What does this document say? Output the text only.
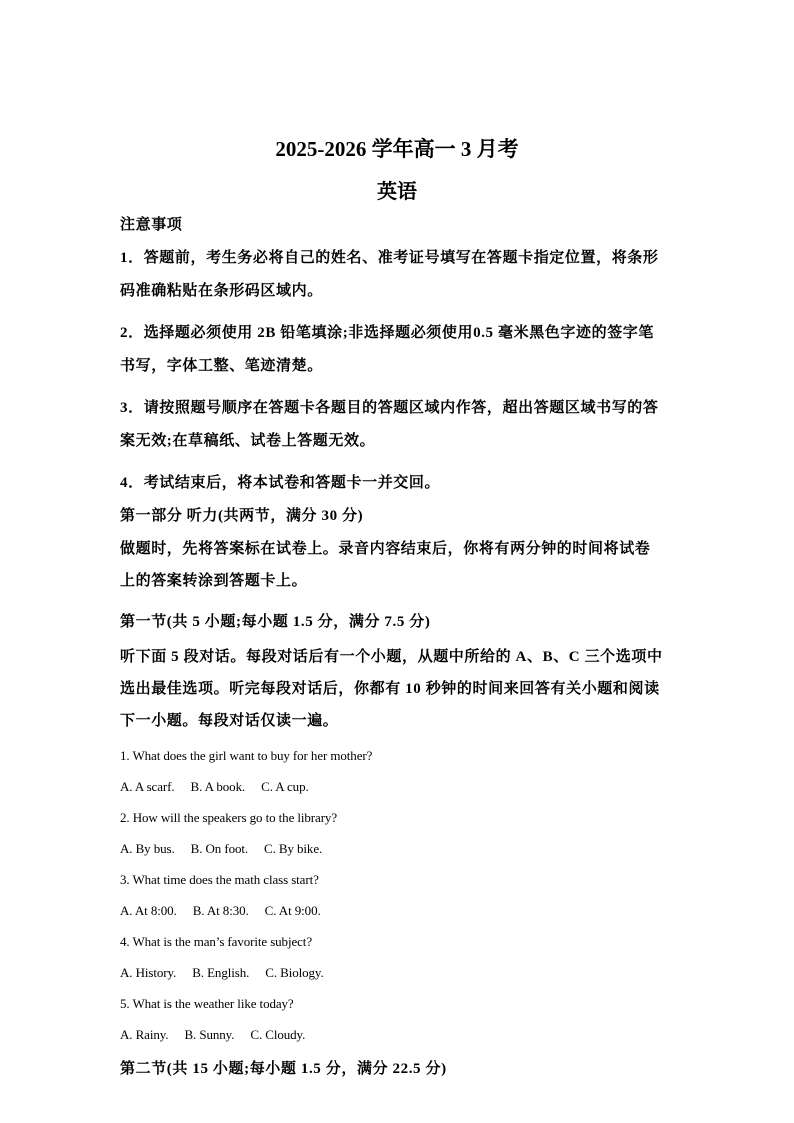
2025-2026 学年高一 3 月考
英语
注意事项
1．答题前，考生务必将自己的姓名、准考证号填写在答题卡指定位置，将条形
码准确粘贴在条形码区域内。
2．选择题必须使用 2B 铅笔填涂;非选择题必须使用0.5 毫米黑色字迹的签字笔
书写，字体工整、笔迹清楚。
3．请按照题号顺序在答题卡各题目的答题区域内作答，超出答题区域书写的答
案无效;在草稿纸、试卷上答题无效。
4．考试结束后，将本试卷和答题卡一并交回。
第一部分 听力(共两节，满分 30 分)
做题时，先将答案标在试卷上。录音内容结束后，你将有两分钟的时间将试卷
上的答案转涂到答题卡上。
第一节(共 5 小题;每小题 1.5 分，满分 7.5 分)
听下面 5 段对话。每段对话后有一个小题，从题中所给的 A、B、C 三个选项中
选出最佳选项。听完每段对话后，你都有 10 秒钟的时间来回答有关小题和阅读
下一小题。每段对话仅读一遍。
1. What does the girl want to buy for her mother?
A. A scarf. B. A book. C. A cup.
2. How will the speakers go to the library?
A. By bus. B. On foot. C. By bike.
3. What time does the math class start?
A. At 8:00. B. At 8:30. C. At 9:00.
4. What is the man’s favorite subject?
A. History. B. English. C. Biology.
5. What is the weather like today?
A. Rainy. B. Sunny. C. Cloudy.
第二节(共 15 小题;每小题 1.5 分，满分 22.5 分)
